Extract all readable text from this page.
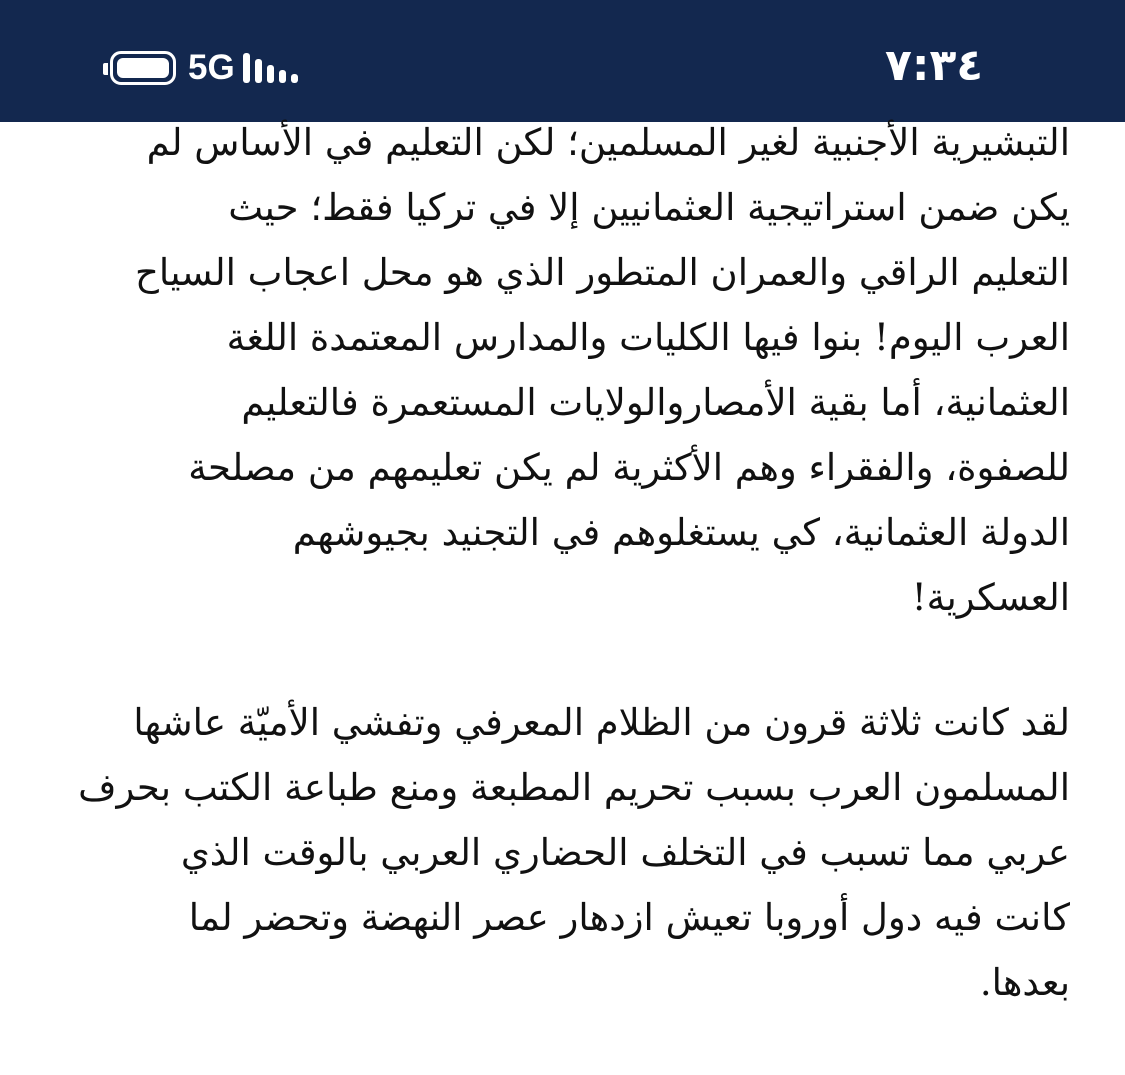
5G	٧:٣٤
التبشيرية الأجنبية لغير المسلمين؛ لكن التعليم في الأساس لم
يكن ضمن استراتيجية العثمانيين إلا في تركيا فقط؛ حيث
التعليم الراقي والعمران المتطور الذي هو محل اعجاب السياح
العرب اليوم! بنوا فيها الكليات والمدارس المعتمدة اللغة
العثمانية، أما بقية الأمصاروالولايات المستعمرة فالتعليم
للصفوة، والفقراء وهم الأكثرية لم يكن تعليمهم من مصلحة
الدولة العثمانية، كي يستغلوهم في التجنيد بجيوشهم
العسكرية!
لقد كانت ثلاثة قرون من الظلام المعرفي وتفشي الأميّة عاشها
المسلمون العرب بسبب تحريم المطبعة ومنع طباعة الكتب بحرف
عربي مما تسبب في التخلف الحضاري العربي بالوقت الذي
كانت فيه دول أوروبا تعيش ازدهار عصر النهضة وتحضر لما
بعدها.
